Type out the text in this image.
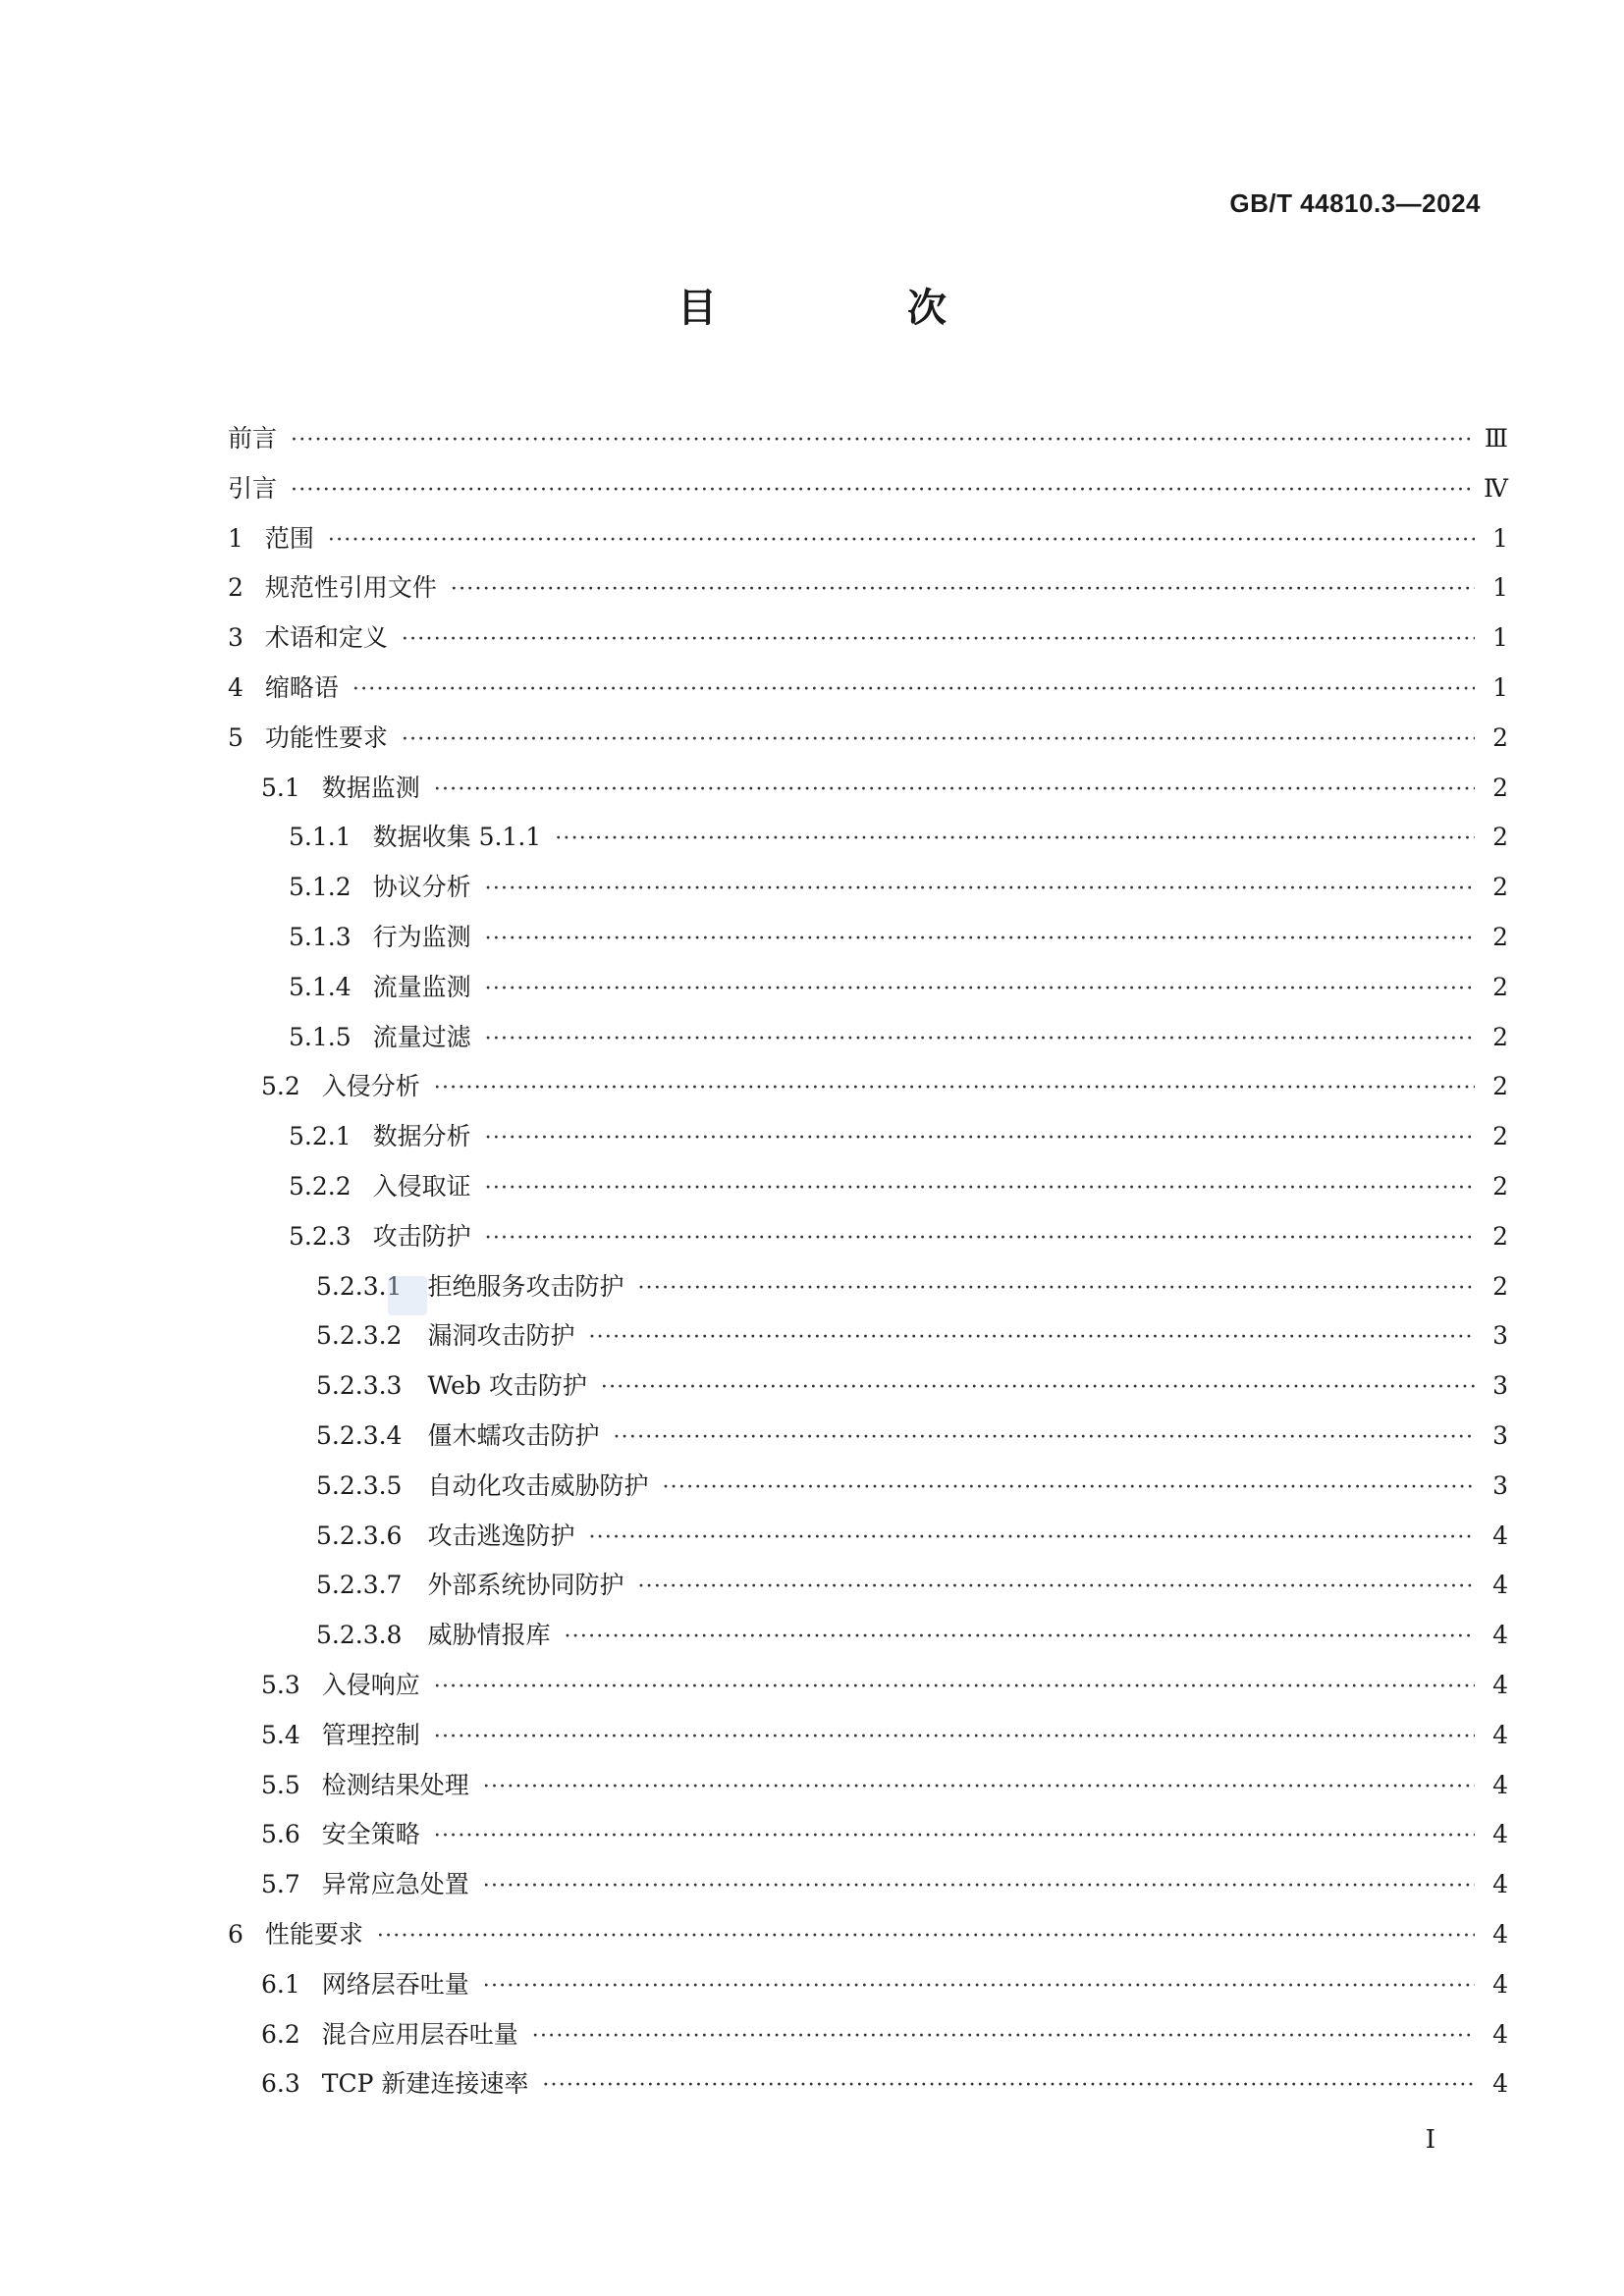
GB/T 44810.3—2024
目 次
前言 ·····	Ⅲ
引言 ·····	Ⅳ
1 范围 ·····	1
2 规范性引用文件 ·····	1
3 术语和定义 ·····	1
4 缩略语 ·····	1
5 功能性要求 ·····	2
5.1 数据监测 ·····	2
5.1.1 数据收集 5.1.1 ·····	2
5.1.2 协议分析 ·····	2
5.1.3 行为监测 ·····	2
5.1.4 流量监测 ·····	2
5.1.5 流量过滤 ·····	2
5.2 入侵分析 ·····	2
5.2.1 数据分析 ·····	2
5.2.2 入侵取证 ·····	2
5.2.3 攻击防护 ·····	2
5.2.3.1 拒绝服务攻击防护 ·····	2
5.2.3.2 漏洞攻击防护 ·····	3
5.2.3.3 Web 攻击防护 ·····	3
5.2.3.4 僵木蠕攻击防护 ·····	3
5.2.3.5 自动化攻击威胁防护 ·····	3
5.2.3.6 攻击逃逸防护 ·····	4
5.2.3.7 外部系统协同防护 ·····	4
5.2.3.8 威胁情报库 ·····	4
5.3 入侵响应 ·····	4
5.4 管理控制 ·····	4
5.5 检测结果处理 ·····	4
5.6 安全策略 ·····	4
5.7 异常应急处置 ·····	4
6 性能要求 ·····	4
6.1 网络层吞吐量 ·····	4
6.2 混合应用层吞吐量 ·····	4
6.3 TCP 新建连接速率 ·····	4
I
